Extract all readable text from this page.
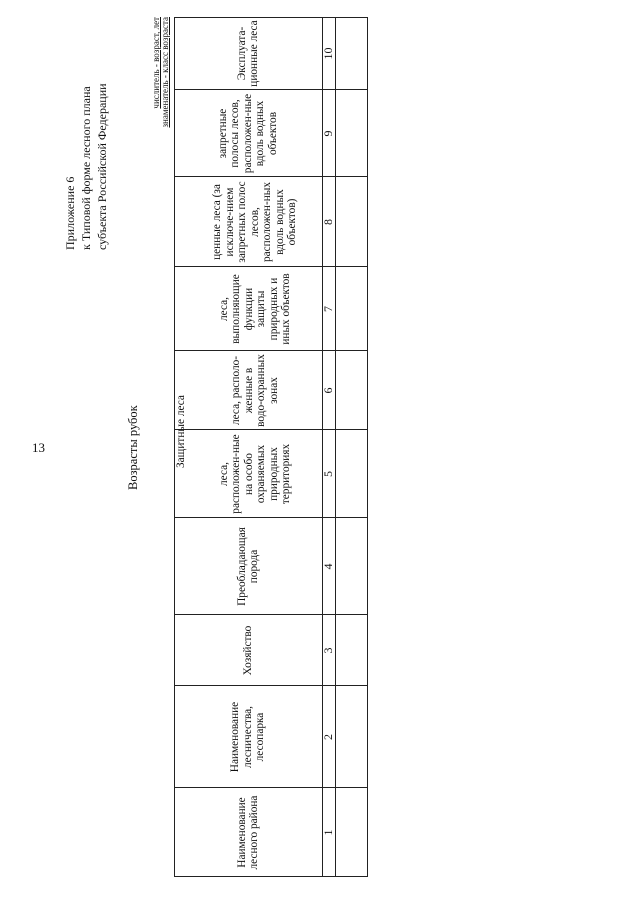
13
Приложение 6 к Типовой форме лесного плана субъекта Российской Федерации
Возрасты рубок
числитель - возраст, лет знаменатель - класс возраста
Наименование лесного района
Наименование лесничества, лесопарка
Хозяйство
Преобладающая порода
Защитные леса
леса, расположен-ные на особо охраняемых природных территориях
леса, располо-женные в водо-охранных зонах
леса, выполняющие функции защиты природных и иных объектов
ценные леса (за исключе-нием запретных полос лесов, расположен-ных вдоль водных объектов)
запретные полосы лесов, расположен-ные вдоль водных объектов
Эксплуата-ционные леса
1
2
3
4
5
6
7
8
9
10
